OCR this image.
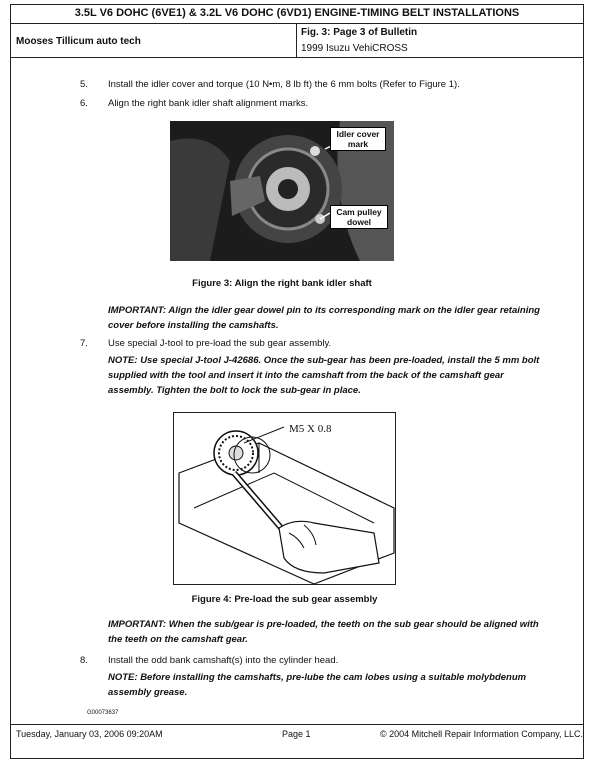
3.5L V6 DOHC (6VE1) & 3.2L V6 DOHC (6VD1) ENGINE-TIMING BELT INSTALLATIONS
Mooses Tillicum auto tech
Fig. 3: Page 3 of Bulletin
1999 Isuzu VehiCROSS
5. Install the idler cover and torque (10 N•m, 8 lb ft) the 6 mm bolts (Refer to Figure 1).
6. Align the right bank idler shaft alignment marks.
Idler cover mark
Cam pulley dowel
Figure 3: Align the right bank idler shaft
IMPORTANT: Align the idler gear dowel pin to its corresponding mark on the idler gear retaining cover before installing the camshafts.
7. Use special J-tool to pre-load the sub gear assembly.
NOTE: Use special J-tool J-42686. Once the sub-gear has been pre-loaded, install the 5 mm bolt supplied with the tool and insert it into the camshaft from the back of the camshaft gear assembly. Tighten the bolt to lock the sub-gear in place.
M5 X 0.8
Figure 4: Pre-load the sub gear assembly
IMPORTANT: When the sub/gear is pre-loaded, the teeth on the sub gear should be aligned with the teeth on the camshaft gear.
8. Install the odd bank camshaft(s) into the cylinder head.
NOTE: Before installing the camshafts, pre-lube the cam lobes using a suitable molybdenum assembly grease.
G00073637
Tuesday, January 03, 2006 09:20AM	Page 1	© 2004 Mitchell Repair Information Company, LLC.
